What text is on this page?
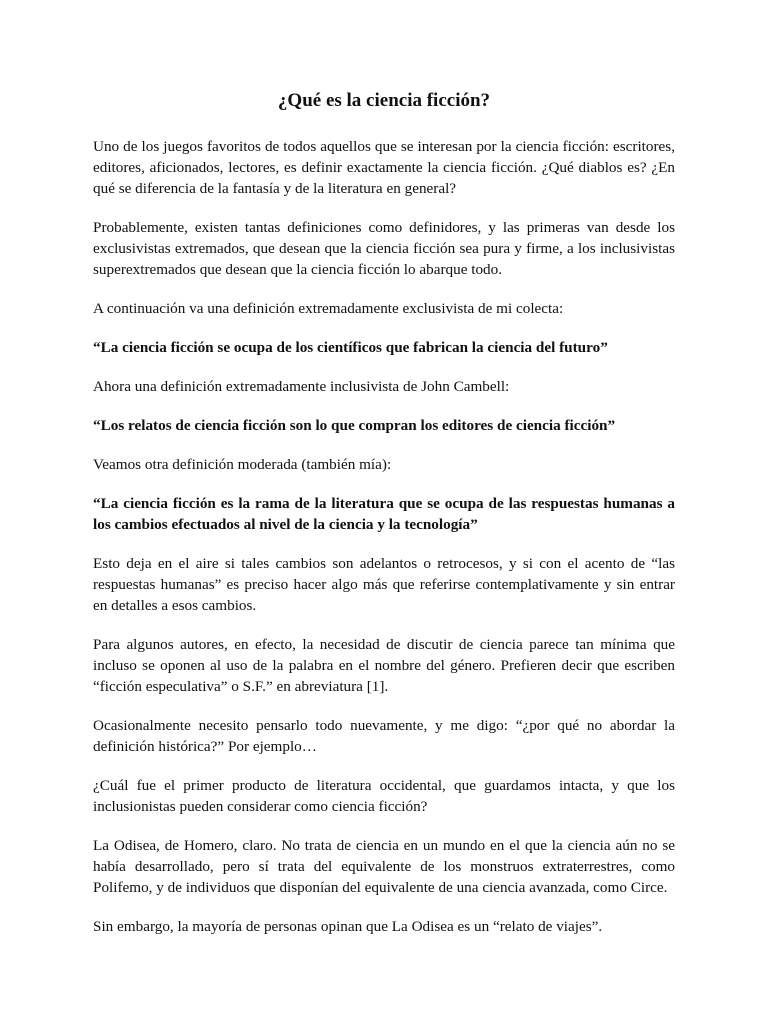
¿Qué es la ciencia ficción?

Uno de los juegos favoritos de todos aquellos que se interesan por la ciencia ficción: escritores, editores, aficionados, lectores, es definir exactamente la ciencia ficción. ¿Qué diablos es? ¿En qué se diferencia de la fantasía y de la literatura en general?

Probablemente, existen tantas definiciones como definidores, y las primeras van desde los exclusivistas extremados, que desean que la ciencia ficción sea pura y firme, a los inclusivistas superextremados que desean que la ciencia ficción lo abarque todo.

A continuación va una definición extremadamente exclusivista de mi colecta:

“La ciencia ficción se ocupa de los científicos que fabrican la ciencia del futuro”

Ahora una definición extremadamente inclusivista de John Cambell:

“Los relatos de ciencia ficción son lo que compran los editores de ciencia ficción”

Veamos otra definición moderada (también mía):

“La ciencia ficción es la rama de la literatura que se ocupa de las respuestas humanas a los cambios efectuados al nivel de la ciencia y la tecnología”

Esto deja en el aire si tales cambios son adelantos o retrocesos, y si con el acento de “las respuestas humanas” es preciso hacer algo más que referirse contemplativamente y sin entrar en detalles a esos cambios.

Para algunos autores, en efecto, la necesidad de discutir de ciencia parece tan mínima que incluso se oponen al uso de la palabra en el nombre del género. Prefieren decir que escriben “ficción especulativa” o S.F.” en abreviatura [1].

Ocasionalmente necesito pensarlo todo nuevamente, y me digo: “¿por qué no abordar la definición histórica?” Por ejemplo…

¿Cuál fue el primer producto de literatura occidental, que guardamos intacta, y que los inclusionistas pueden considerar como ciencia ficción?

La Odisea, de Homero, claro. No trata de ciencia en un mundo en el que la ciencia aún no se había desarrollado, pero sí trata del equivalente de los monstruos extraterrestres, como Polifemo, y de individuos que disponían del equivalente de una ciencia avanzada, como Circe.

Sin embargo, la mayoría de personas opinan que La Odisea es un “relato de viajes”.
